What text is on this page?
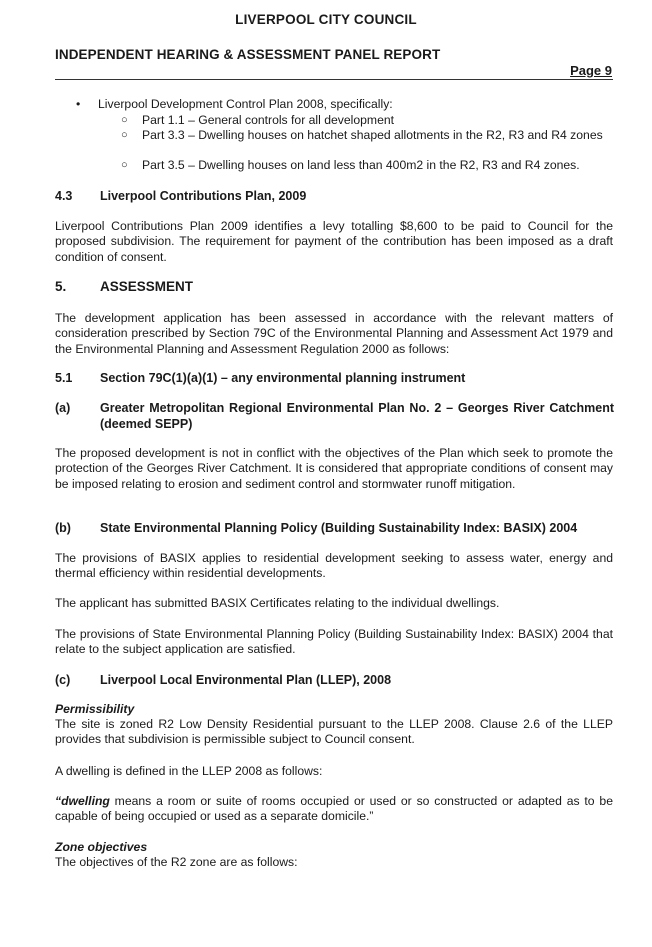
LIVERPOOL CITY COUNCIL
INDEPENDENT HEARING & ASSESSMENT PANEL REPORT
Page 9
• Liverpool Development Control Plan 2008, specifically:
○ Part 1.1 – General controls for all development
○ Part 3.3 – Dwelling houses on hatchet shaped allotments in the R2, R3 and R4 zones
○ Part 3.5 – Dwelling houses on land less than 400m2 in the R2, R3 and R4 zones.
4.3 Liverpool Contributions Plan, 2009

Liverpool Contributions Plan 2009 identifies a levy totalling $8,600 to be paid to Council for the proposed subdivision. The requirement for payment of the contribution has been imposed as a draft condition of consent.

5. ASSESSMENT

The development application has been assessed in accordance with the relevant matters of consideration prescribed by Section 79C of the Environmental Planning and Assessment Act 1979 and the Environmental Planning and Assessment Regulation 2000 as follows:

5.1 Section 79C(1)(a)(1) – any environmental planning instrument
(a) Greater Metropolitan Regional Environmental Plan No. 2 – Georges River Catchment (deemed SEPP)

The proposed development is not in conflict with the objectives of the Plan which seek to promote the protection of the Georges River Catchment. It is considered that appropriate conditions of consent may be imposed relating to erosion and sediment control and stormwater runoff mitigation.

(b) State Environmental Planning Policy (Building Sustainability Index: BASIX) 2004

The provisions of BASIX applies to residential development seeking to assess water, energy and thermal efficiency within residential developments.

The applicant has submitted BASIX Certificates relating to the individual dwellings.

The provisions of State Environmental Planning Policy (Building Sustainability Index: BASIX) 2004 that relate to the subject application are satisfied.

(c) Liverpool Local Environmental Plan (LLEP), 2008
Permissibility

The site is zoned R2 Low Density Residential pursuant to the LLEP 2008. Clause 2.6 of the LLEP provides that subdivision is permissible subject to Council consent.

A dwelling is defined in the LLEP 2008 as follows:

“dwelling means a room or suite of rooms occupied or used or so constructed or adapted as to be capable of being occupied or used as a separate domicile.”

Zone objectives

The objectives of the R2 zone are as follows:
